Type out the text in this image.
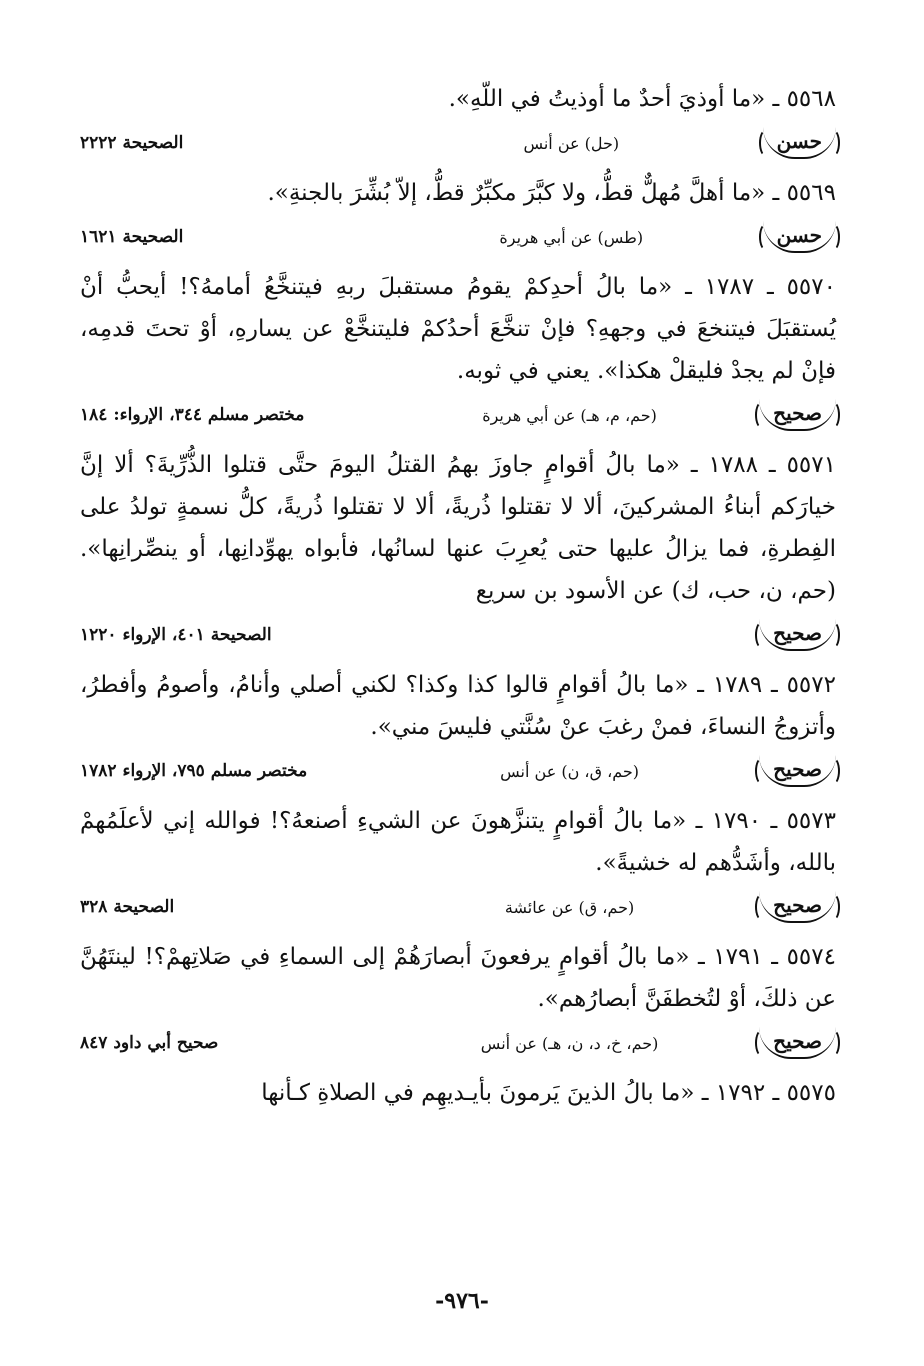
٥٥٦٨ ـ «ما أوذيَ أحدٌ ما أوذيتُ في اللّهِ».

حسن
(حل) عن أنس
الصحيحة ٢٢٢٢

٥٥٦٩ ـ «ما أهلَّ مُهلٌّ قطُّ، ولا كبَّرَ مكبِّرٌ قطُّ، إلاّ بُشِّرَ بالجنةِ».

حسن
(طس) عن أبي هريرة
الصحيحة ١٦٢١

٥٥٧٠ ـ ١٧٨٧ ـ «ما بالُ أحدِكمْ يقومُ مستقبلَ ربهِ فيتنخَّعُ أمامهُ؟! أيحبُّ أنْ يُستقبَلَ فيتنخعَ في وجههِ؟ فإنْ تنخَّعَ أحدُكمْ فليتنخَّعْ عن يسارهِ، أوْ تحتَ قدمِه، فإنْ لم يجدْ فليقلْ هكذا». يعني في ثوبه.

صحيح
(حم، م، هـ) عن أبي هريرة
مختصر مسلم ٣٤٤، الإرواء: ١٨٤

٥٥٧١ ـ ١٧٨٨ ـ «ما بالُ أقوامٍ جاوزَ بهمُ القتلُ اليومَ حتَّى قتلوا الذُّرِّيةَ؟ ألا إنَّ خيارَكم أبناءُ المشركينَ، ألا لا تقتلوا ذُريةً، ألا لا تقتلوا ذُريةً، كلُّ نسمةٍ تولدُ على الفِطرةِ، فما يزالُ عليها حتى يُعرِبَ عنها لسانُها، فأبواه يهوِّدانِها، أو ينصِّرانِها». (حم، ن، حب، ك) عن الأسود بن سريع

صحيح
الصحيحة ٤٠١، الإرواء ١٢٢٠

٥٥٧٢ ـ ١٧٨٩ ـ «ما بالُ أقوامٍ قالوا كذا وكذا؟ لكني أصلي وأنامُ، وأصومُ وأفطرُ، وأتزوجُ النساءَ، فمنْ رغبَ عنْ سُنَّتي فليسَ مني».

صحيح
(حم، ق، ن) عن أنس
مختصر مسلم ٧٩٥، الإرواء ١٧٨٢

٥٥٧٣ ـ ١٧٩٠ ـ «ما بالُ أقوامٍ يتنزَّهونَ عن الشيءِ أصنعهُ؟! فوالله إني لأعلَمُهمْ بالله، وأشَدُّهم له خشيةً».

صحيح
(حم، ق) عن عائشة
الصحيحة ٣٢٨

٥٥٧٤ ـ ١٧٩١ ـ «ما بالُ أقوامٍ يرفعونَ أبصارَهُمْ إلى السماءِ في صَلاتِهمْ؟! لينتَهُنَّ عن ذلكَ، أوْ لتُخطفَنَّ أبصارُهم».

صحيح
(حم، خ، د، ن، هـ) عن أنس
صحيح أبي داود ٨٤٧

٥٥٧٥ ـ ١٧٩٢ ـ «ما بالُ الذينَ يَرمونَ بأيـديهِم في الصلاةِ كـأنها

-٩٧٦-
